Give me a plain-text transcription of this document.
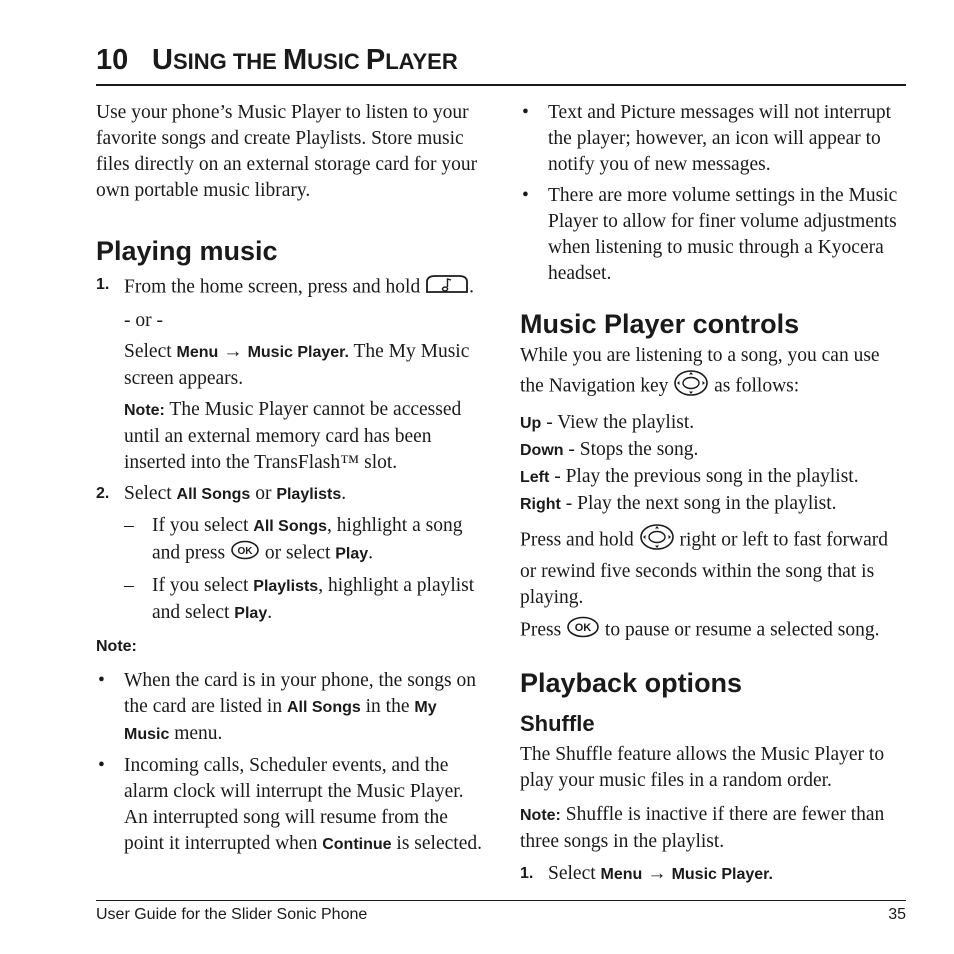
10 USING THE MUSIC PLAYER

Use your phone’s Music Player to listen to your favorite songs and create Playlists. Store music files directly on an external storage card for your own portable music library.

Playing music

1. From the home screen, press and hold	.

- or -

Select Menu → Music Player. The My Music screen appears.

Note: The Music Player cannot be accessed until an external memory card has been inserted into the TransFlash™ slot.

2. Select All Songs or Playlists.

– If you select All Songs, highlight a song and press OK or select Play.

– If you select Playlists, highlight a playlist and select Play.

Note:

• When the card is in your phone, the songs on the card are listed in All Songs in the My Music menu.

• Incoming calls, Scheduler events, and the alarm clock will interrupt the Music Player. An interrupted song will resume from the point it interrupted when Continue is selected.

• Text and Picture messages will not interrupt the player; however, an icon will appear to notify you of new messages.

• There are more volume settings in the Music Player to allow for finer volume adjustments when listening to music through a Kyocera headset.

Music Player controls

While you are listening to a song, you can use the Navigation key  as follows:

Up - View the playlist.

Down - Stops the song.

Left - Play the previous song in the playlist.

Right - Play the next song in the playlist.

Press and hold  right or left to fast forward or rewind five seconds within the song that is playing.

Press OK to pause or resume a selected song.

Playback options
Shuffle

The Shuffle feature allows the Music Player to play your music files in a random order.

Note: Shuffle is inactive if there are fewer than three songs in the playlist.

1. Select Menu → Music Player.

User Guide for the Slider Sonic Phone	35
